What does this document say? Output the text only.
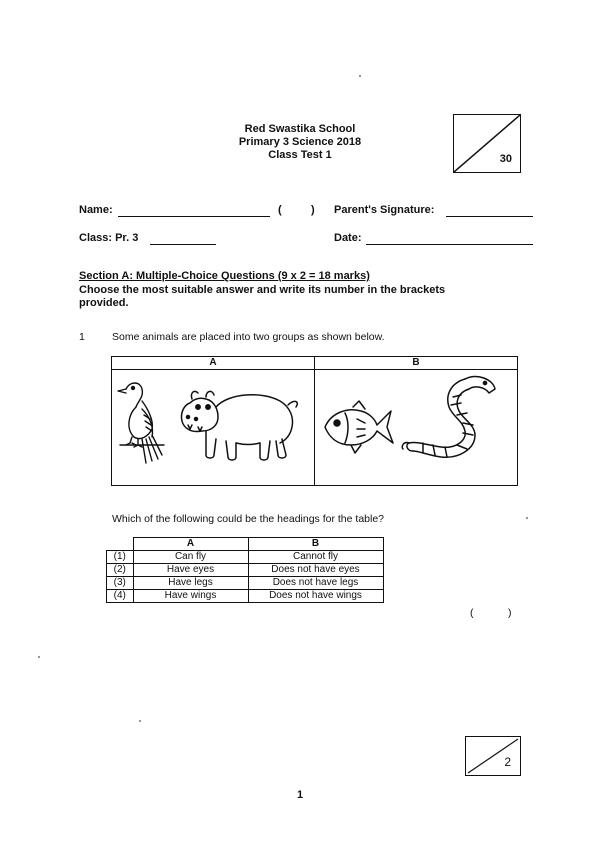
Red Swastika School
Primary 3 Science 2018
Class Test 1	30
Name:	(	) Parent's Signature:
Class: Pr. 3	Date:
Section A: Multiple-Choice Questions (9 x 2 = 18 marks)
Choose the most suitable answer and write its number in the brackets
provided.
1	Some animals are placed into two groups as shown below.
A	B
Which of the following could be the headings for the table?
	A	B
(1)	Can fly	Cannot fly
(2)	Have eyes	Does not have eyes
(3)	Have legs	Does not have legs
(4)	Have wings	Does not have wings
(	)
2
1
